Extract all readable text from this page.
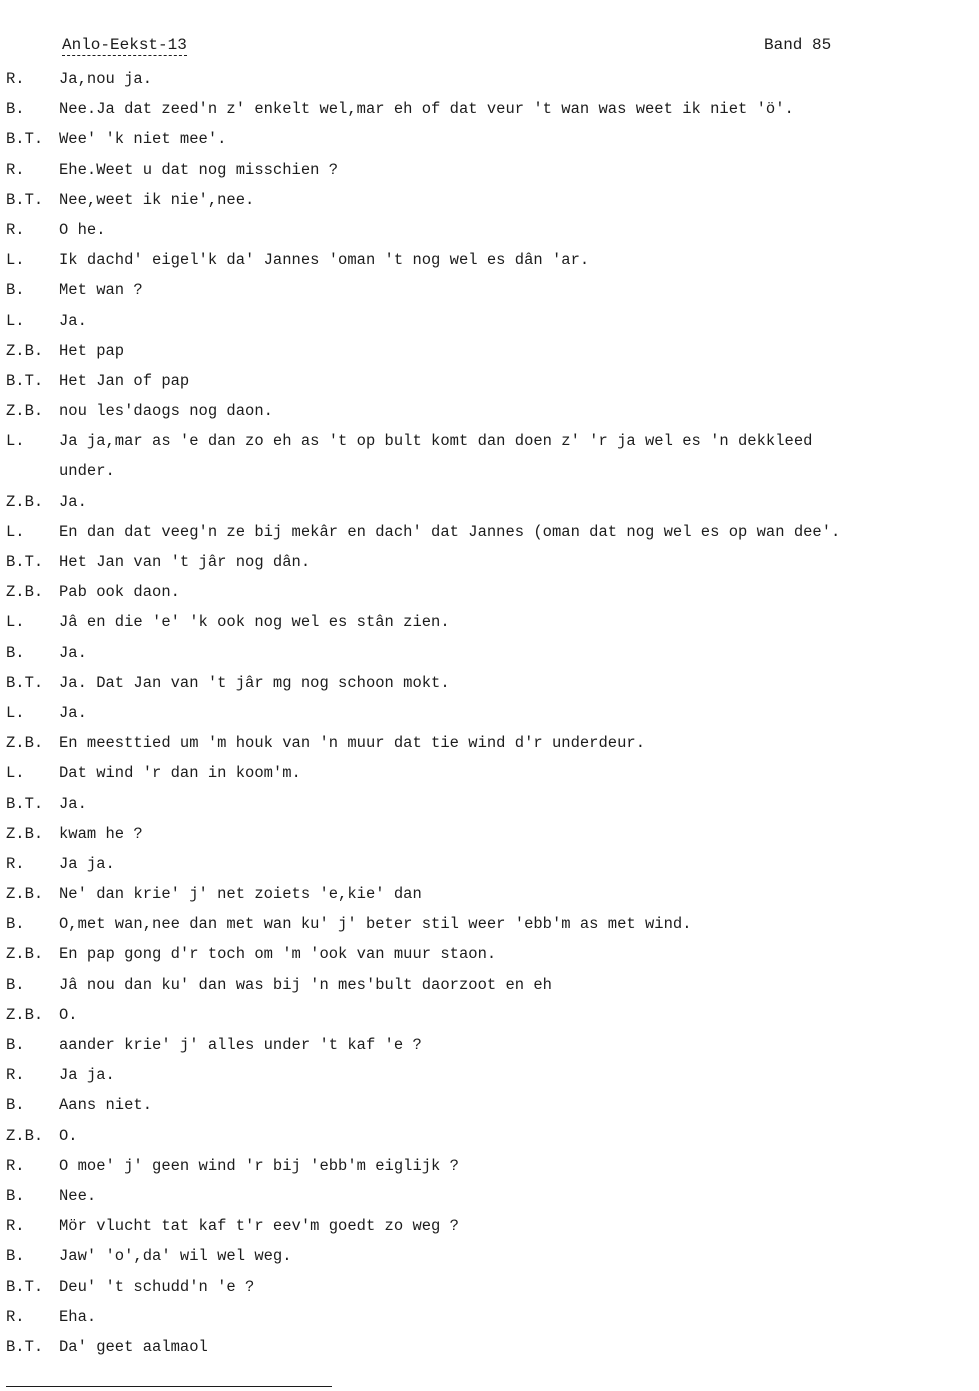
Anlo-Eekst-13	Band 85
R.	Ja,nou ja.
B.	Nee.Ja dat zeed'n z' enkelt wel,mar eh of dat veur 't wan was weet ik niet 'ö'.
B.T.	Wee' 'k niet mee'.
R.	Ehe.Weet u dat nog misschien ?
B.T.	Nee,weet ik nie',nee.
R.	O he.
L.	Ik dachd' eigel'k da' Jannes 'oman 't nog wel es dân 'ar.
B.	Met wan ?
L.	Ja.
Z.B.	Het pap
B.T.	Het Jan of pap
Z.B.	nou les'daogs nog daon.
L.	Ja ja,mar as 'e dan zo eh as 't op bult komt dan doen z' 'r ja wel es 'n dekkleed
under.
Z.B.	Ja.
L.	En dan dat veeg'n ze bij mekâr en dach' dat Jannes (oman dat nog wel es op wan dee'.
B.T.	Het Jan van 't jâr nog dân.
Z.B.	Pab ook daon.
L.	Jâ en die 'e' 'k ook nog wel es stân zien.
B.	Ja.
B.T.	Ja. Dat Jan van 't jâr mg nog schoon mokt.
L.	Ja.
Z.B.	En meesttied um 'm houk van 'n muur dat tie wind d'r underdeur.
L.	Dat wind 'r dan in koom'm.
B.T.	Ja.
Z.B.	kwam he ?
R.	Ja ja.
Z.B.	Ne' dan krie' j' net zoiets 'e,kie' dan
B.	O,met wan,nee dan met wan ku' j' beter stil weer 'ebb'm as met wind.
Z.B.	En pap gong d'r toch om 'm 'ook van muur staon.
B.	Jâ nou dan ku' dan was bij 'n mes'bult daorzoot en eh
Z.B.	O.
B.	aander krie' j' alles under 't kaf 'e ?
R.	Ja ja.
B.	Aans niet.
Z.B.	O.
R.	O moe' j' geen wind 'r bij 'ebb'm eiglijk ?
B.	Nee.
R.	Mör vlucht tat kaf t'r eev'm goedt zo weg ?
B.	Jaw' 'o',da' wil wel weg.
B.T.	Deu' 't schudd'n 'e ?
R.	Eha.
B.T.	Da' geet aalmaol
